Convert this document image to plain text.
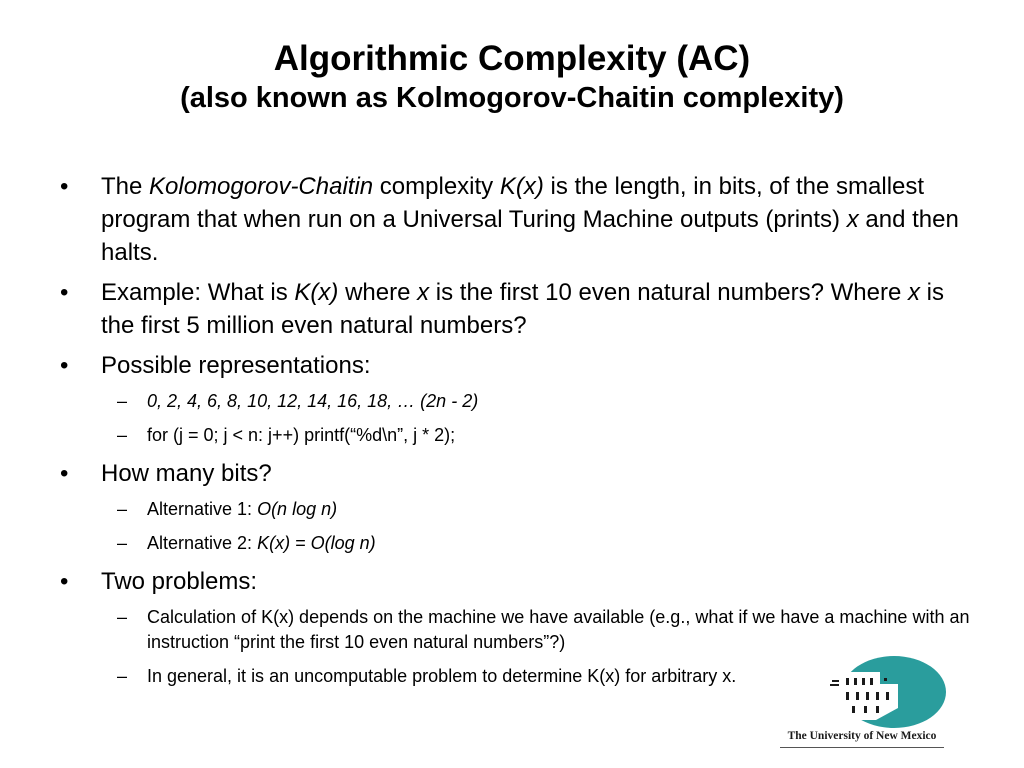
Algorithmic Complexity (AC)
(also known as Kolmogorov-Chaitin complexity)
• The Kolomogorov-Chaitin complexity K(x) is the length, in bits, of the smallest program that when run on a Universal Turing Machine outputs (prints) x and then halts.
• Example: What is K(x) where x is the first 10 even natural numbers? Where x is the first 5 million even natural numbers?
• Possible representations:
– 0, 2, 4, 6, 8, 10, 12, 14, 16, 18, … (2n - 2)
– for (j = 0; j < n: j++) printf(“%d\n”, j * 2);
• How many bits?
– Alternative 1: O(n log n)
– Alternative 2: K(x) = O(log n)
• Two problems:
– Calculation of K(x) depends on the machine we have available (e.g., what if we have a machine with an instruction “print the first 10 even natural numbers”?)
– In general, it is an uncomputable problem to determine K(x) for arbitrary x.
The University of New Mexico
